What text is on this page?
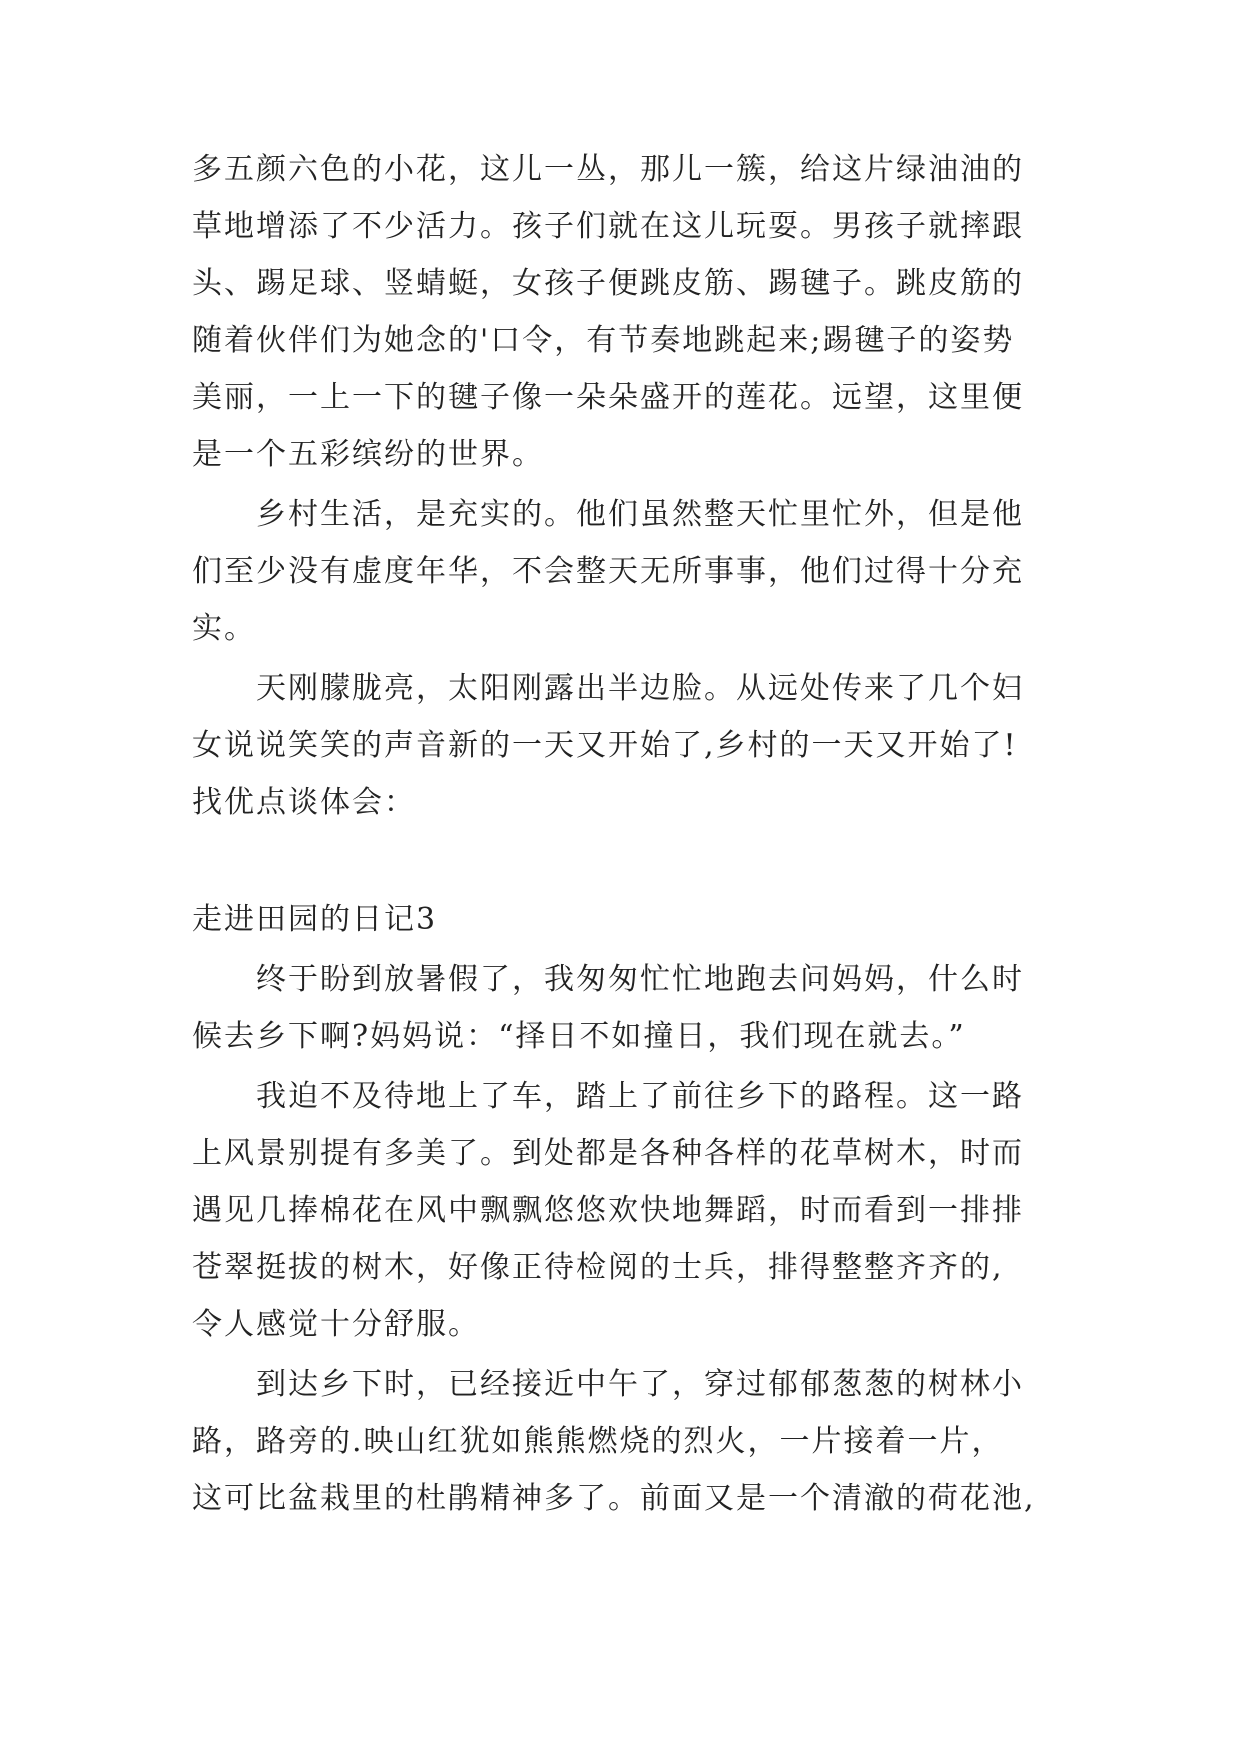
多五颜六色的小花，这儿一丛，那儿一簇，给这片绿油油的

草地增添了不少活力。孩子们就在这儿玩耍。男孩子就摔跟

头、踢足球、竖蜻蜓，女孩子便跳皮筋、踢毽子。跳皮筋的

随着伙伴们为她念的'口令，有节奏地跳起来;踢毽子的姿势

美丽，一上一下的毽子像一朵朵盛开的莲花。远望，这里便

是一个五彩缤纷的世界。

乡村生活，是充实的。他们虽然整天忙里忙外，但是他

们至少没有虚度年华，不会整天无所事事，他们过得十分充

实。

天刚朦胧亮，太阳刚露出半边脸。从远处传来了几个妇

女说说笑笑的声音新的一天又开始了,乡村的一天又开始了!

找优点谈体会：

走进田园的日记3

终于盼到放暑假了，我匆匆忙忙地跑去问妈妈，什么时

候去乡下啊?妈妈说：“择日不如撞日，我们现在就去。”

我迫不及待地上了车，踏上了前往乡下的路程。这一路

上风景别提有多美了。到处都是各种各样的花草树木，时而

遇见几捧棉花在风中飘飘悠悠欢快地舞蹈，时而看到一排排

苍翠挺拔的树木，好像正待检阅的士兵，排得整整齐齐的,

令人感觉十分舒服。

到达乡下时，已经接近中午了，穿过郁郁葱葱的树林小

路，路旁的.映山红犹如熊熊燃烧的烈火，一片接着一片，

这可比盆栽里的杜鹃精神多了。前面又是一个清澈的荷花池,
